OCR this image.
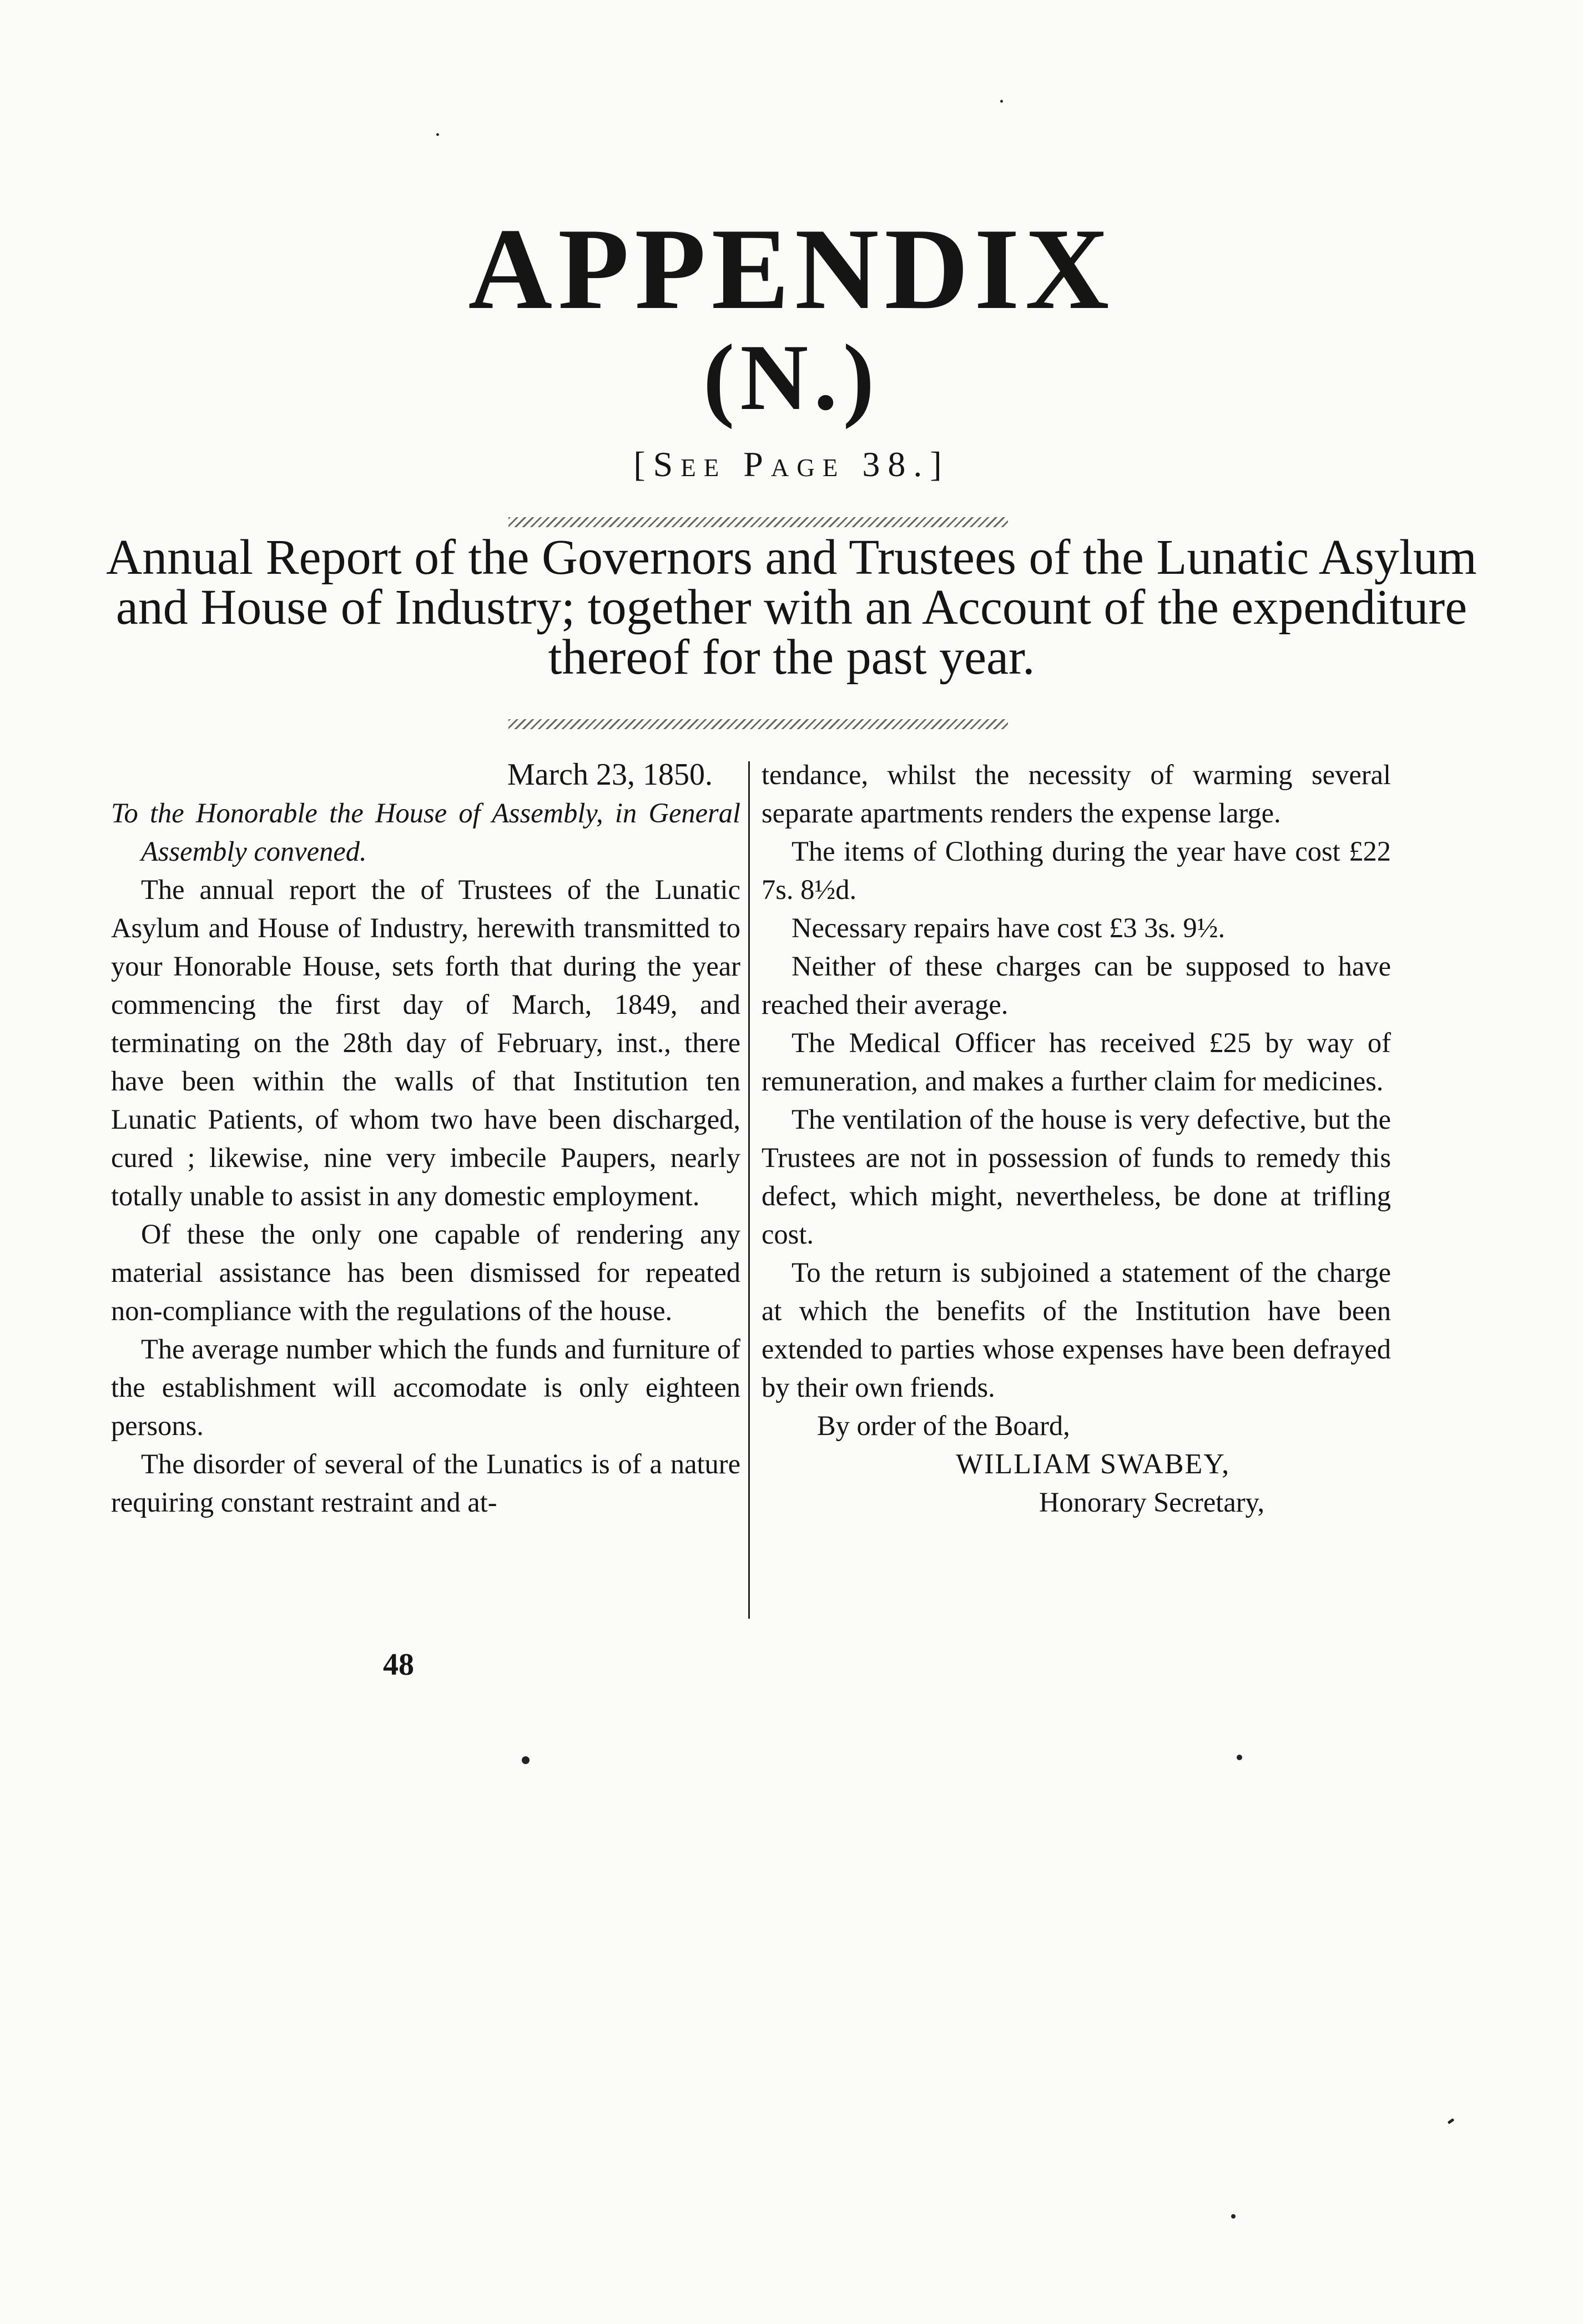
APPENDIX
(N.)
[See Page 38.]
Annual Report of the Governors and Trustees of the Lunatic Asylum and House of Industry; together with an Account of the expenditure thereof for the past year.

March 23, 1850.

To the Honorable the House of Assembly, in General Assembly convened.

The annual report the of Trustees of the Lunatic Asylum and House of Industry, herewith transmitted to your Honorable House, sets forth that during the year commencing the first day of March, 1849, and terminating on the 28th day of February, inst., there have been within the walls of that Institution ten Lunatic Patients, of whom two have been discharged, cured ; likewise, nine very imbecile Paupers, nearly totally unable to assist in any domestic employment.

Of these the only one capable of rendering any material assistance has been dismissed for repeated non-compliance with the regulations of the house.

The average number which the funds and furniture of the establishment will accomodate is only eighteen persons.

The disorder of several of the Lunatics is of a nature requiring constant restraint and at-

tendance, whilst the necessity of warming several separate apartments renders the expense large.

The items of Clothing during the year have cost £22 7s. 8½d.

Necessary repairs have cost £3 3s. 9½.

Neither of these charges can be supposed to have reached their average.

The Medical Officer has received £25 by way of remuneration, and makes a further claim for medicines.

The ventilation of the house is very defective, but the Trustees are not in possession of funds to remedy this defect, which might, nevertheless, be done at trifling cost.

To the return is subjoined a statement of the charge at which the benefits of the Institution have been extended to parties whose expenses have been defrayed by their own friends.

By order of the Board,

WILLIAM SWABEY,

Honorary Secretary,

48
